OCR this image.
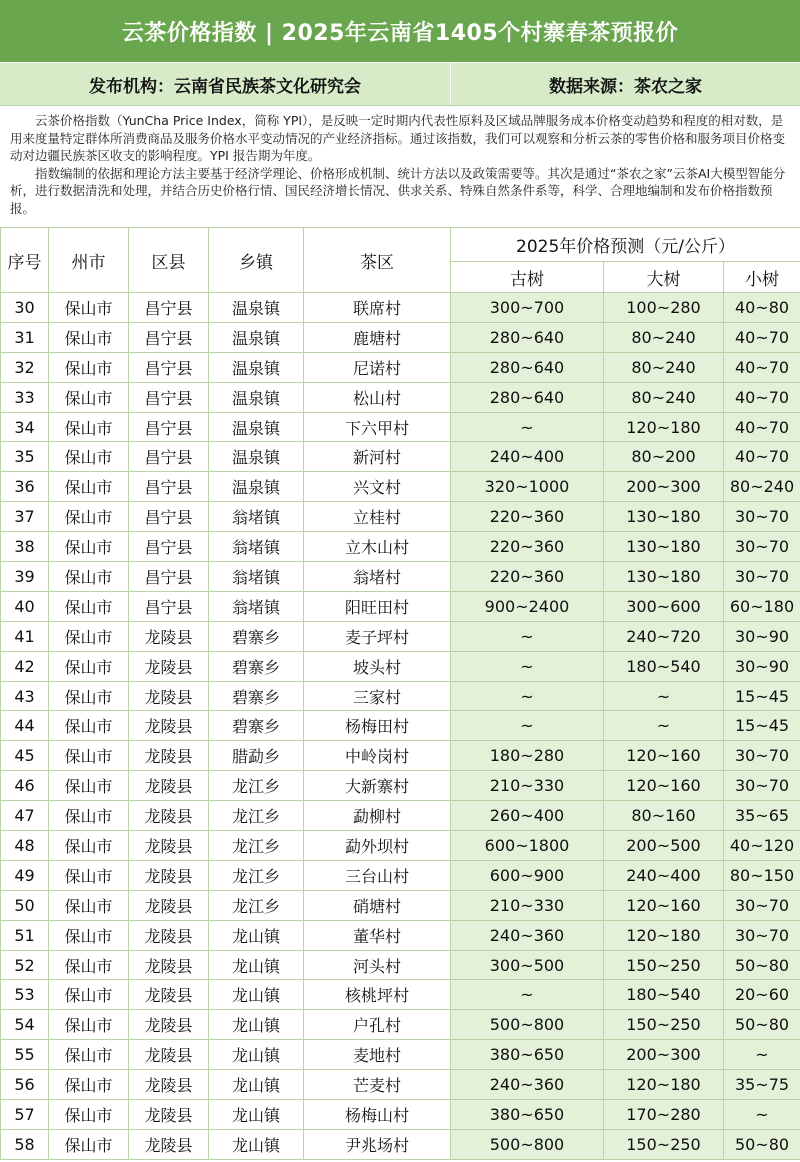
云茶价格指数 | 2025年云南省1405个村寨春茶预报价
发布机构：云南省民族茶文化研究会	数据来源：茶农之家

云茶价格指数（YunCha Price Index，简称 YPI），是反映一定时期内代表性原料及区域品牌服务成本价格变动趋势和程度的相对数，是用来度量特定群体所消费商品及服务价格水平变动情况的产业经济指标。通过该指数，我们可以观察和分析云茶的零售价格和服务项目价格变动对边疆民族茶区收支的影响程度。YPI 报告期为年度。

指数编制的依据和理论方法主要基于经济学理论、价格形成机制、统计方法以及政策需要等。其次是通过“茶农之家”云茶AI大模型智能分析，进行数据清洗和处理，并结合历史价格行情、国民经济增长情况、供求关系、特殊自然条件系等，科学、合理地编制和发布价格指数预报。

序号	州市	区县	乡镇	茶区	2025年价格预测（元/公斤）		
					古树	大树	小树
30	保山市	昌宁县	温泉镇	联席村	300~700	100~280	40~80
31	保山市	昌宁县	温泉镇	鹿塘村	280~640	80~240	40~70
32	保山市	昌宁县	温泉镇	尼诺村	280~640	80~240	40~70
33	保山市	昌宁县	温泉镇	松山村	280~640	80~240	40~70
34	保山市	昌宁县	温泉镇	下六甲村	~	120~180	40~70
35	保山市	昌宁县	温泉镇	新河村	240~400	80~200	40~70
36	保山市	昌宁县	温泉镇	兴文村	320~1000	200~300	80~240
37	保山市	昌宁县	翁堵镇	立桂村	220~360	130~180	30~70
38	保山市	昌宁县	翁堵镇	立木山村	220~360	130~180	30~70
39	保山市	昌宁县	翁堵镇	翁堵村	220~360	130~180	30~70
40	保山市	昌宁县	翁堵镇	阳旺田村	900~2400	300~600	60~180
41	保山市	龙陵县	碧寨乡	麦子坪村	~	240~720	30~90
42	保山市	龙陵县	碧寨乡	坡头村	~	180~540	30~90
43	保山市	龙陵县	碧寨乡	三家村	~	~	15~45
44	保山市	龙陵县	碧寨乡	杨梅田村	~	~	15~45
45	保山市	龙陵县	腊勐乡	中岭岗村	180~280	120~160	30~70
46	保山市	龙陵县	龙江乡	大新寨村	210~330	120~160	30~70
47	保山市	龙陵县	龙江乡	勐柳村	260~400	80~160	35~65
48	保山市	龙陵县	龙江乡	勐外坝村	600~1800	200~500	40~120
49	保山市	龙陵县	龙江乡	三台山村	600~900	240~400	80~150
50	保山市	龙陵县	龙江乡	硝塘村	210~330	120~160	30~70
51	保山市	龙陵县	龙山镇	董华村	240~360	120~180	30~70
52	保山市	龙陵县	龙山镇	河头村	300~500	150~250	50~80
53	保山市	龙陵县	龙山镇	核桃坪村	~	180~540	20~60
54	保山市	龙陵县	龙山镇	户孔村	500~800	150~250	50~80
55	保山市	龙陵县	龙山镇	麦地村	380~650	200~300	~
56	保山市	龙陵县	龙山镇	芒麦村	240~360	120~180	35~75
57	保山市	龙陵县	龙山镇	杨梅山村	380~650	170~280	~
58	保山市	龙陵县	龙山镇	尹兆场村	500~800	150~250	50~80
